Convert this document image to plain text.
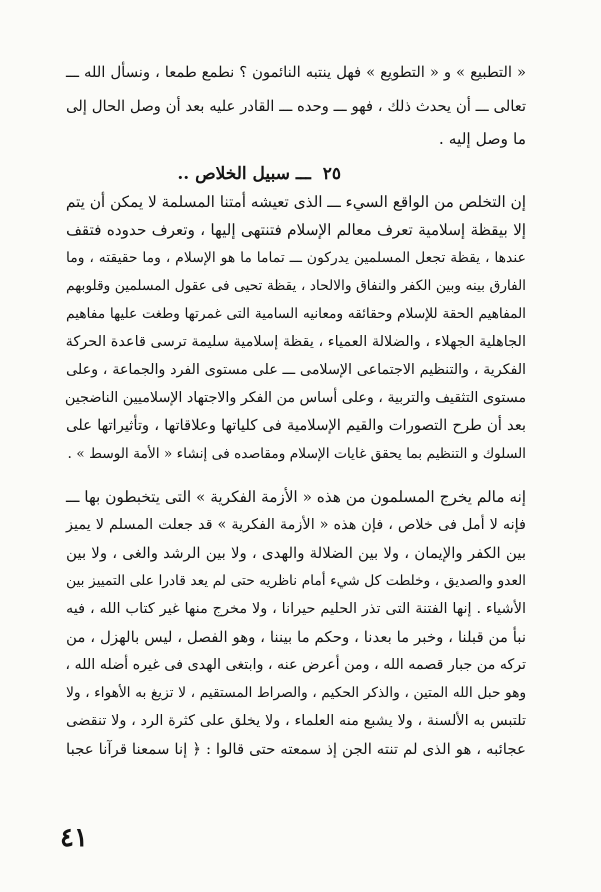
« التطبيع » و « التطويع » فهل ينتبه النائمون ؟ نطمع طمعا ، ونسأل الله ـــ
تعالى ـــ أن يحدث ذلك ، فهو ـــ وحده ـــ القادر عليه بعد أن وصل الحال إلى
ما وصل إليه .
٢٥ ـــ سبيل الخلاص ..
إن التخلص من الواقع السيء ـــ الذى تعيشه أمتنا المسلمة لا يمكن أن يتم
إلا بيقظة إسلامية تعرف معالم الإسلام فتنتهى إليها ، وتعرف حدوده فتقف
عندها ، يقظة تجعل المسلمين يدركون ـــ تماما ما هو الإسلام ، وما حقيقته ، وما
الفارق بينه وبين الكفر والنفاق والالحاد ، يقظة تحيى فى عقول المسلمين وقلوبهم
المفاهيم الحقة للإسلام وحقائقه ومعانيه السامية التى غمرتها وطغت عليها مفاهيم
الجاهلية الجهلاء ، والضلالة العمياء ، يقظة إسلامية سليمة ترسى قاعدة الحركة
الفكرية ، والتنظيم الاجتماعى الإسلامى ـــ على مستوى الفرد والجماعة ، وعلى
مستوى التثقيف والتربية ، وعلى أساس من الفكر والاجتهاد الإسلاميين الناضجين
بعد أن طرح التصورات والقيم الإسلامية فى كلياتها وعلاقاتها ، وتأثيراتها على
السلوك و التنظيم بما يحقق غايات الإسلام ومقاصده فى إنشاء « الأمة الوسط » .
إنه مالم يخرج المسلمون من هذه « الأزمة الفكرية » التى يتخبطون بها ـــ
فإنه لا أمل فى خلاص ، فإن هذه « الأزمة الفكرية » قد جعلت المسلم لا يميز
بين الكفر والإيمان ، ولا بين الضلالة والهدى ، ولا بين الرشد والغى ، ولا بين
العدو والصديق ، وخلطت كل شيء أمام ناظريه حتى لم يعد قادرا على التمييز بين
الأشياء . إنها الفتنة التى تذر الحليم حيرانا ، ولا مخرج منها غير كتاب الله ، فيه
نبأ من قبلنا ، وخبر ما بعدنا ، وحكم ما بيننا ، وهو الفصل ، ليس بالهزل ، من
تركه من جبار قصمه الله ، ومن أعرض عنه ، وابتغى الهدى فى غيره أضله الله ،
وهو حبل الله المتين ، والذكر الحكيم ، والصراط المستقيم ، لا تزيغ به الأهواء ، ولا
تلتبس به الألسنة ، ولا يشبع منه العلماء ، ولا يخلق على كثرة الرد ، ولا تنقضى
عجائبه ، هو الذى لم تنته الجن إذ سمعته حتى قالوا : ﴿ إنا سمعنا قرآنا عجبا
٤١
